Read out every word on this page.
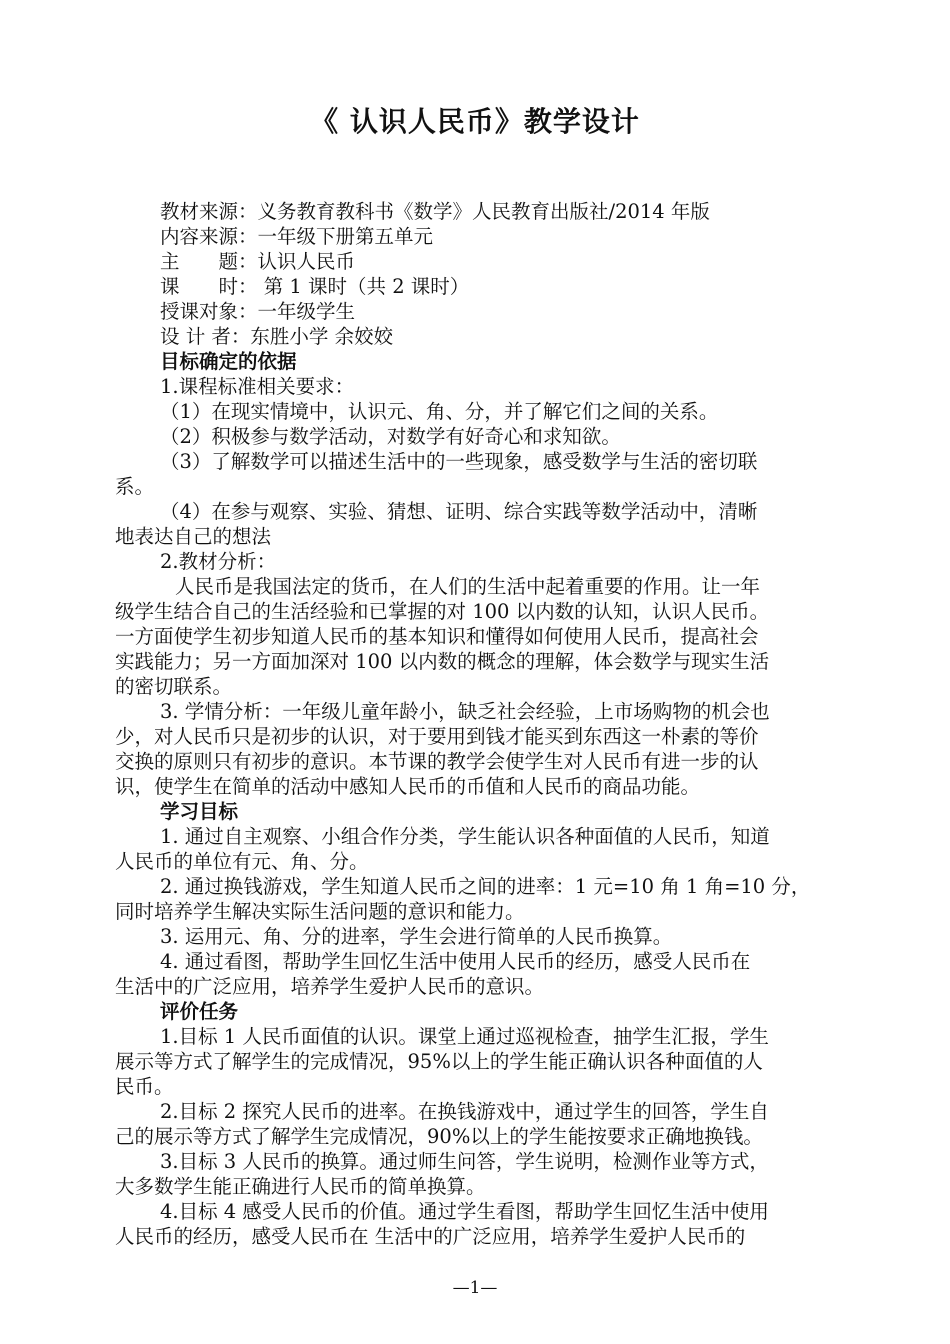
《 认识人民币》教学设计
教材来源：义务教育教科书《数学》人民教育出版社/2014 年版
内容来源：一年级下册第五单元
主　　题：认识人民币
课　　时： 第 1 课时（共 2 课时）
授课对象：一年级学生
设 计 者：东胜小学 余姣姣
目标确定的依据
1.课程标准相关要求：
（1）在现实情境中，认识元、角、分，并了解它们之间的关系。
（2）积极参与数学活动，对数学有好奇心和求知欲。
（3）了解数学可以描述生活中的一些现象，感受数学与生活的密切联
系。
（4）在参与观察、实验、猜想、证明、综合实践等数学活动中，清晰
地表达自己的想法
2.教材分析：
人民币是我国法定的货币，在人们的生活中起着重要的作用。让一年
级学生结合自己的生活经验和已掌握的对 100 以内数的认知，认识人民币。
一方面使学生初步知道人民币的基本知识和懂得如何使用人民币，提高社会
实践能力；另一方面加深对 100 以内数的概念的理解，体会数学与现实生活
的密切联系。
3. 学情分析：一年级儿童年龄小，缺乏社会经验，上市场购物的机会也
少，对人民币只是初步的认识，对于要用到钱才能买到东西这一朴素的等价
交换的原则只有初步的意识。本节课的教学会使学生对人民币有进一步的认
识，使学生在简单的活动中感知人民币的币值和人民币的商品功能。
学习目标
1. 通过自主观察、小组合作分类，学生能认识各种面值的人民币，知道
人民币的单位有元、角、分。
2. 通过换钱游戏，学生知道人民币之间的进率：1 元=10 角 1 角=10 分，
同时培养学生解决实际生活问题的意识和能力。
3. 运用元、角、分的进率，学生会进行简单的人民币换算。
4. 通过看图，帮助学生回忆生活中使用人民币的经历，感受人民币在
生活中的广泛应用，培养学生爱护人民币的意识。
评价任务
1.目标 1 人民币面值的认识。课堂上通过巡视检查，抽学生汇报，学生
展示等方式了解学生的完成情况，95%以上的学生能正确认识各种面值的人
民币。
2.目标 2 探究人民币的进率。在换钱游戏中，通过学生的回答，学生自
己的展示等方式了解学生完成情况，90%以上的学生能按要求正确地换钱。
3.目标 3 人民币的换算。通过师生问答，学生说明，检测作业等方式，
大多数学生能正确进行人民币的简单换算。
4.目标 4 感受人民币的价值。通过学生看图，帮助学生回忆生活中使用
人民币的经历，感受人民币在 生活中的广泛应用，培养学生爱护人民币的
—1—
